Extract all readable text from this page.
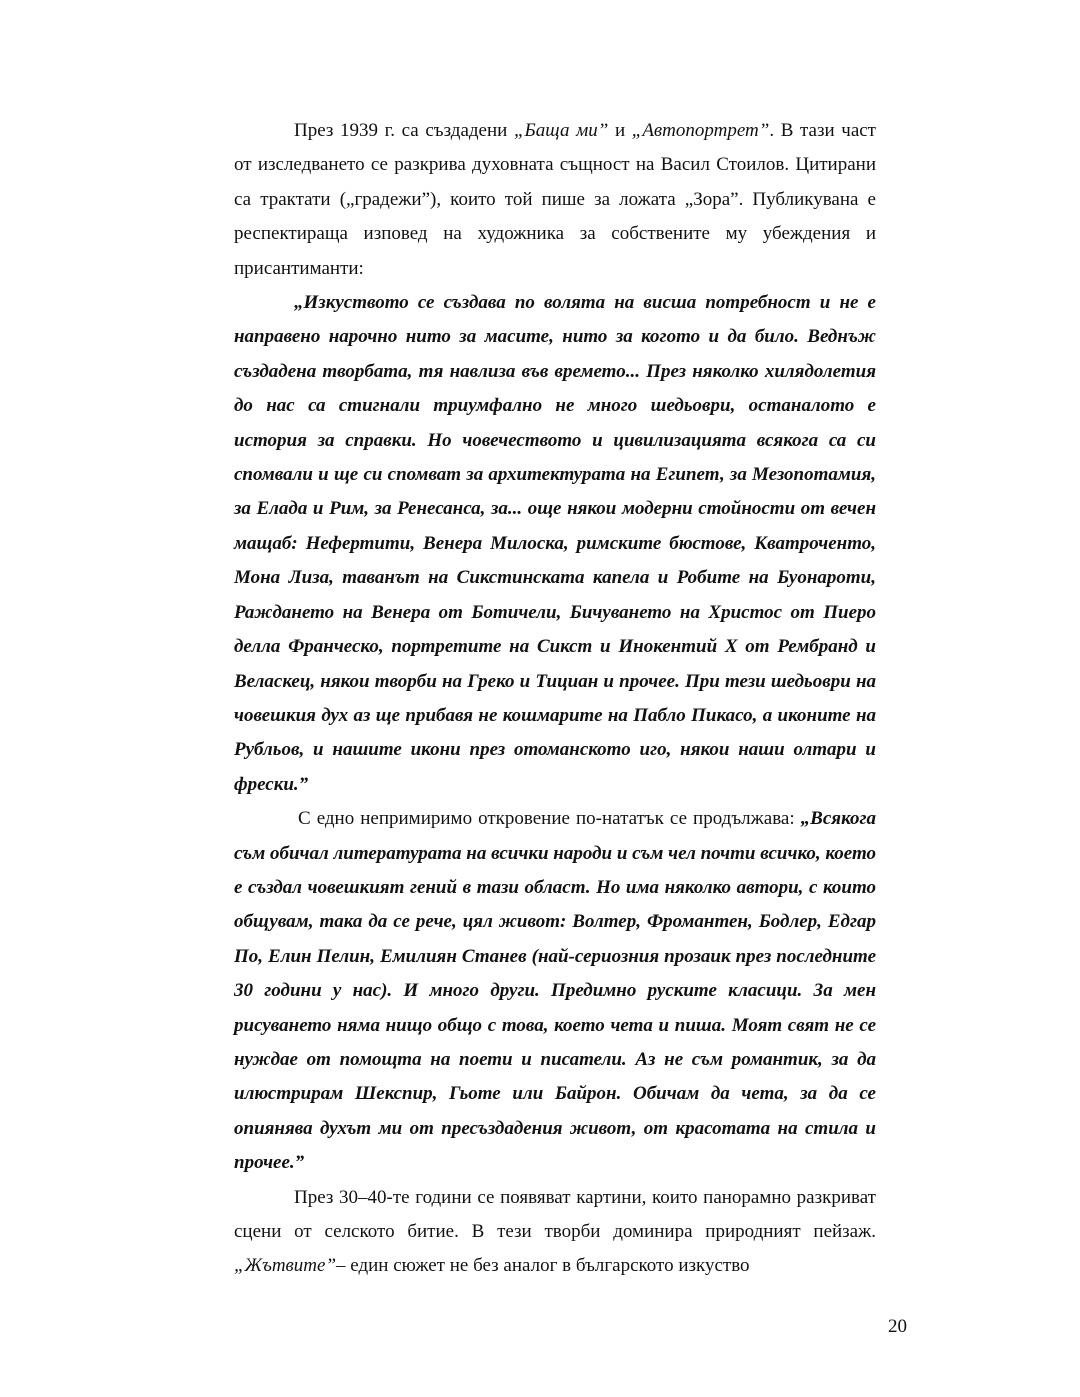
През 1939 г. са създадени „Баща ми” и „Автопортрет”. В тази част от изследването се разкрива духовната същност на Васил Стоилов. Цитирани са трактати („градежи”), които той пише за ложата „Зора”. Публикувана е респектираща изповед на художника за собствените му убеждения и присантиманти:

„Изкуството се създава по волята на висша потребност и не е направено нарочно нито за масите, нито за когото и да било. Веднъж създадена творбата, тя навлиза във времето... През няколко хилядолетия до нас са стигнали триумфално не много шедьоври, останалото е история за справки. Но човечеството и цивилизацията всякога са си спомвали и ще си спомват за архитектурата на Египет, за Мезопотамия, за Елада и Рим, за Ренесанса, за... още някои модерни стойности от вечен мащаб: Нефертити, Венера Милоска, римските бюстове, Кватроченто, Мона Лиза, таванът на Сикстинската капела и Робите на Буонароти, Раждането на Венера от Ботичели, Бичуването на Христос от Пиеро деллa Франческо, портретите на Сикст и Инокентий Х от Рембранд и Веласкец, някои творби на Греко и Тициан и прочее. При тези шедьоври на човешкия дух аз ще прибавя не кошмарите на Пабло Пикасо, а иконите на Рубльов, и нашите икони през отоманското иго, някои наши олтари и фрески.”

С едно непримиримо откровение по-нататък се продължава: „Всякога съм обичал литературата на всички народи и съм чел почти всичко, което е създал човешкият гений в тази област. Но има няколко автори, с които общувам, така да се рече, цял живот: Волтер, Фромантен, Бодлер, Едгар По, Елин Пелин, Емилиян Станев (най-сериозния прозаик през последните 30 години у нас). И много други. Предимно руските класици. За мен рисуването няма нищо общо с това, което чета и пиша. Моят свят не се нуждае от помощта на поети и писатели. Аз не съм романтик, за да илюстрирам Шекспир, Гьоте или Байрон. Обичам да чета, за да се опиянява духът ми от пресъздадения живот, от красотата на стила и прочее.”

През 30–40-те години се появяват картини, които панорамно разкриват сцени от селското битие. В тези творби доминира природният пейзаж. „Жътвите”– един сюжет не без аналог в българското изкуство

20
